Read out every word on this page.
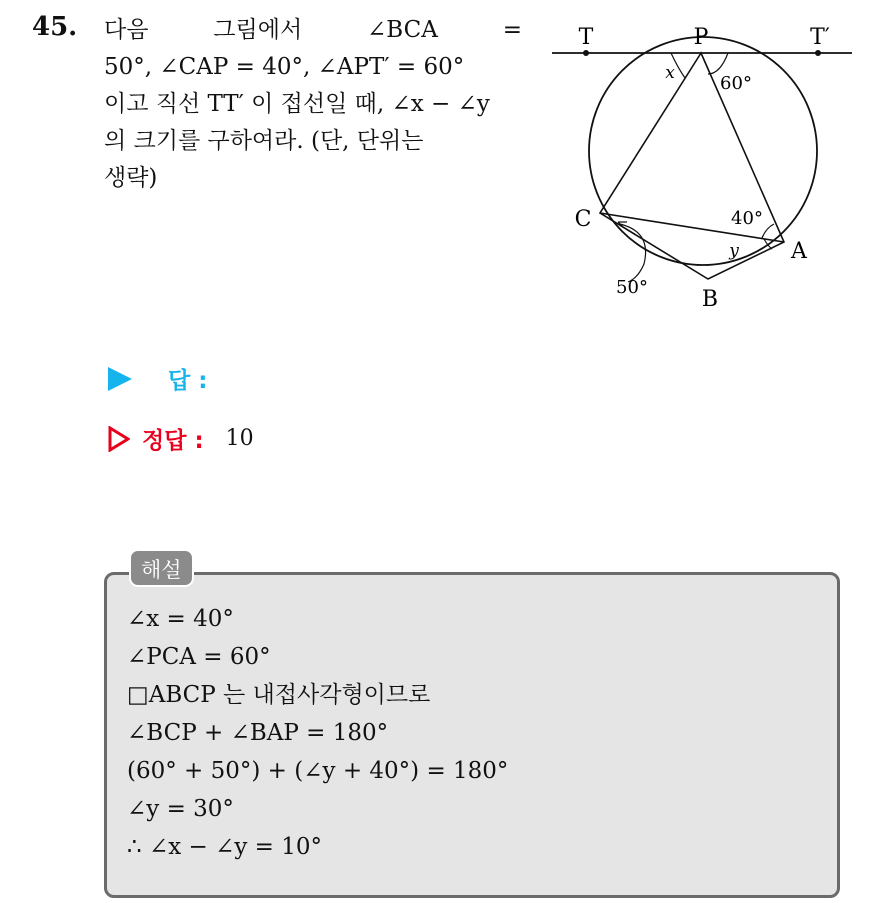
45. 다음	그림에서	∠BCA	=
50°, ∠CAP = 40°, ∠APT′ = 60°
이고 직선 TT′ 이 접선일 때, ∠x − ∠y
의 크기를 구하여라. (단, 단위는
생략)
T	P	T′
C
A
B
x
y
60°
40°
50°
답 :
정답 : 10
해설
∠x = 40°
∠PCA = 60°
□ABCP 는 내접사각형이므로
∠BCP + ∠BAP = 180°
(60° + 50°) + (∠y + 40°) = 180°
∠y = 30°
∴ ∠x − ∠y = 10°
